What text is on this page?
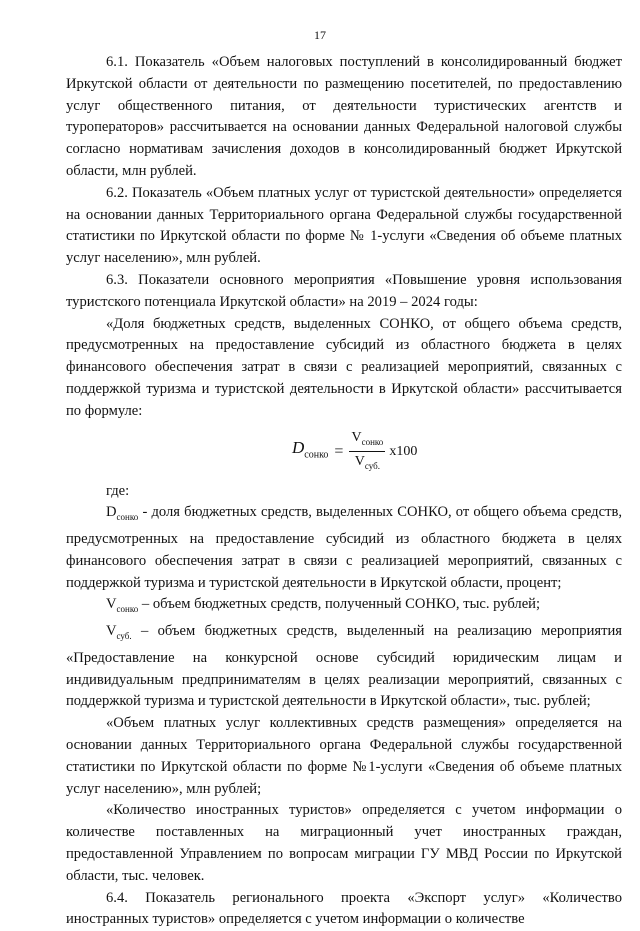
17

6.1. Показатель «Объем налоговых поступлений в консолидированный бюджет Иркутской области от деятельности по размещению посетителей, по предоставлению услуг общественного питания, от деятельности туристических агентств и туроператоров» рассчитывается на основании данных Федеральной налоговой службы согласно нормативам зачисления доходов в консолидированный бюджет Иркутской области, млн рублей.

6.2. Показатель «Объем платных услуг от туристской деятельности» определяется на основании данных Территориального органа Федеральной службы государственной статистики по Иркутской области по форме № 1-услуги «Сведения об объеме платных услуг населению», млн рублей.

6.3. Показатели основного мероприятия «Повышение уровня использования туристского потенциала Иркутской области» на 2019 – 2024 годы:

«Доля бюджетных средств, выделенных СОНКО, от общего объема средств, предусмотренных на предоставление субсидий из областного бюджета в целях финансового обеспечения затрат в связи с реализацией мероприятий, связанных с поддержкой туризма и туристской деятельности в Иркутской области» рассчитывается по формуле:

$D_{сонко} = \frac{V_{сонко}}{V_{суб.}} x100$

где:

$D_{сонко}$ - доля бюджетных средств, выделенных СОНКО, от общего объема средств, предусмотренных на предоставление субсидий из областного бюджета в целях финансового обеспечения затрат в связи с реализацией мероприятий, связанных с поддержкой туризма и туристской деятельности в Иркутской области, процент;

$V_{сонко}$ – объем бюджетных средств, полученный СОНКО, тыс. рублей;

$V_{суб.}$ – объем бюджетных средств, выделенный на реализацию мероприятия «Предоставление на конкурсной основе субсидий юридическим лицам и индивидуальным предпринимателям в целях реализации мероприятий, связанных с поддержкой туризма и туристской деятельности в Иркутской области», тыс. рублей;

«Объем платных услуг коллективных средств размещения» определяется на основании данных Территориального органа Федеральной службы государственной статистики по Иркутской области по форме №1-услуги «Сведения об объеме платных услуг населению», млн рублей;

«Количество иностранных туристов» определяется с учетом информации о количестве поставленных на миграционный учет иностранных граждан, предоставленной Управлением по вопросам миграции ГУ МВД России по Иркутской области, тыс. человек.

6.4. Показатель регионального проекта «Экспорт услуг» «Количество иностранных туристов» определяется с учетом информации о количестве
